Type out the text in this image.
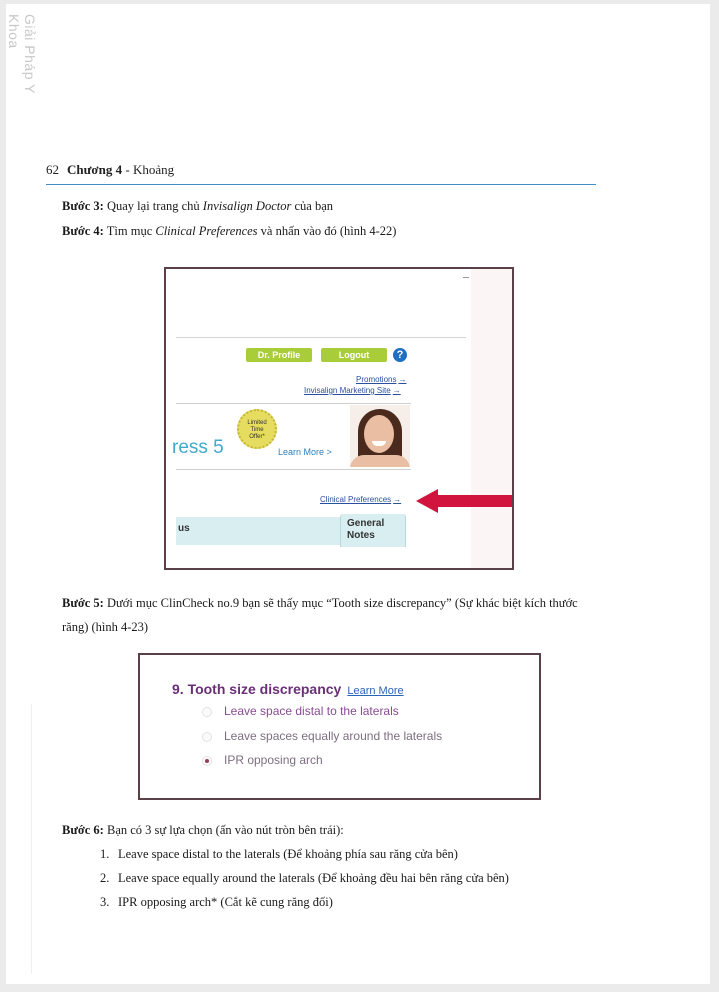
Giải Pháp Y Khoa
62 Chương 4 - Khoảng
Bước 3: Quay lại trang chủ Invisalign Doctor của bạn
Bước 4: Tìm mục Clinical Preferences và nhấn vào đó (hình 4-22)
Dr. Profile	Logout	?
Promotions →
Invisalign Marketing Site →
Limited
Time
Offer*
ress 5	Learn More >
Clinical Preferences →
us	General
Notes
Bước 5: Dưới mục ClinCheck no.9 bạn sẽ thấy mục “Tooth size discrepancy” (Sự khác biệt kích thước
răng) (hình 4-23)
9. Tooth size discrepancy Learn More
Leave space distal to the laterals
Leave spaces equally around the laterals
IPR opposing arch
Bước 6: Bạn có 3 sự lựa chọn (ấn vào nút tròn bên trái):
1. Leave space distal to the laterals (Để khoảng phía sau răng cửa bên)
2. Leave space equally around the laterals (Để khoảng đều hai bên răng cửa bên)
3. IPR opposing arch* (Cắt kẽ cung răng đối)
